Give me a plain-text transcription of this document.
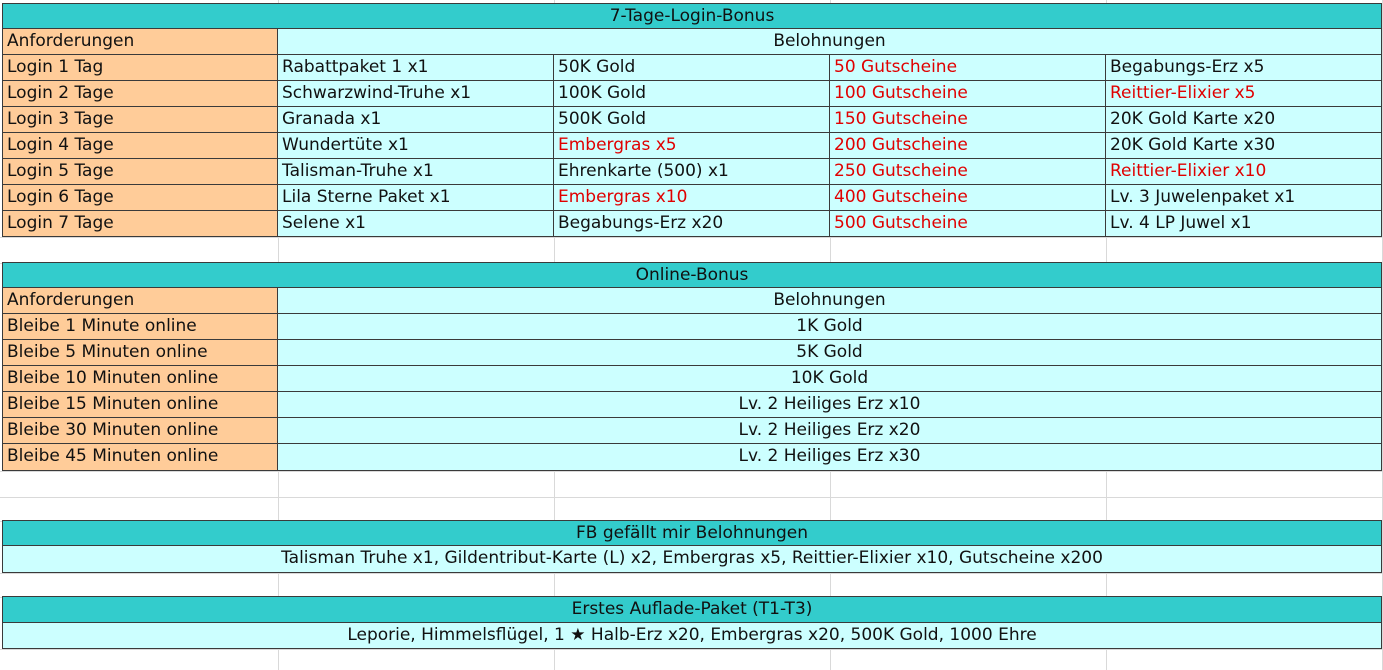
7-Tage-Login-Bonus
Anforderungen	Belohnungen
Login 1 Tag	Rabattpaket 1 x1	50K Gold	50 Gutscheine	Begabungs-Erz x5
Login 2 Tage	Schwarzwind-Truhe x1	100K Gold	100 Gutscheine	Reittier-Elixier x5
Login 3 Tage	Granada x1	500K Gold	150 Gutscheine	20K Gold Karte x20
Login 4 Tage	Wundertüte x1	Embergras x5	200 Gutscheine	20K Gold Karte x30
Login 5 Tage	Talisman-Truhe x1	Ehrenkarte (500) x1	250 Gutscheine	Reittier-Elixier x10
Login 6 Tage	Lila Sterne Paket x1	Embergras x10	400 Gutscheine	Lv. 3 Juwelenpaket x1
Login 7 Tage	Selene x1	Begabungs-Erz x20	500 Gutscheine	Lv. 4 LP Juwel x1
Online-Bonus
Anforderungen	Belohnungen
Bleibe 1 Minute online	1K Gold
Bleibe 5 Minuten online	5K Gold
Bleibe 10 Minuten online	10K Gold
Bleibe 15 Minuten online	Lv. 2 Heiliges Erz x10
Bleibe 30 Minuten online	Lv. 2 Heiliges Erz x20
Bleibe 45 Minuten online	Lv. 2 Heiliges Erz x30
FB gefällt mir Belohnungen
Talisman Truhe x1, Gildentribut-Karte (L) x2, Embergras x5, Reittier-Elixier x10, Gutscheine x200
Erstes Auflade-Paket (T1-T3)
Leporie, Himmelsflügel, 1 ★ Halb-Erz x20, Embergras x20, 500K Gold, 1000 Ehre
